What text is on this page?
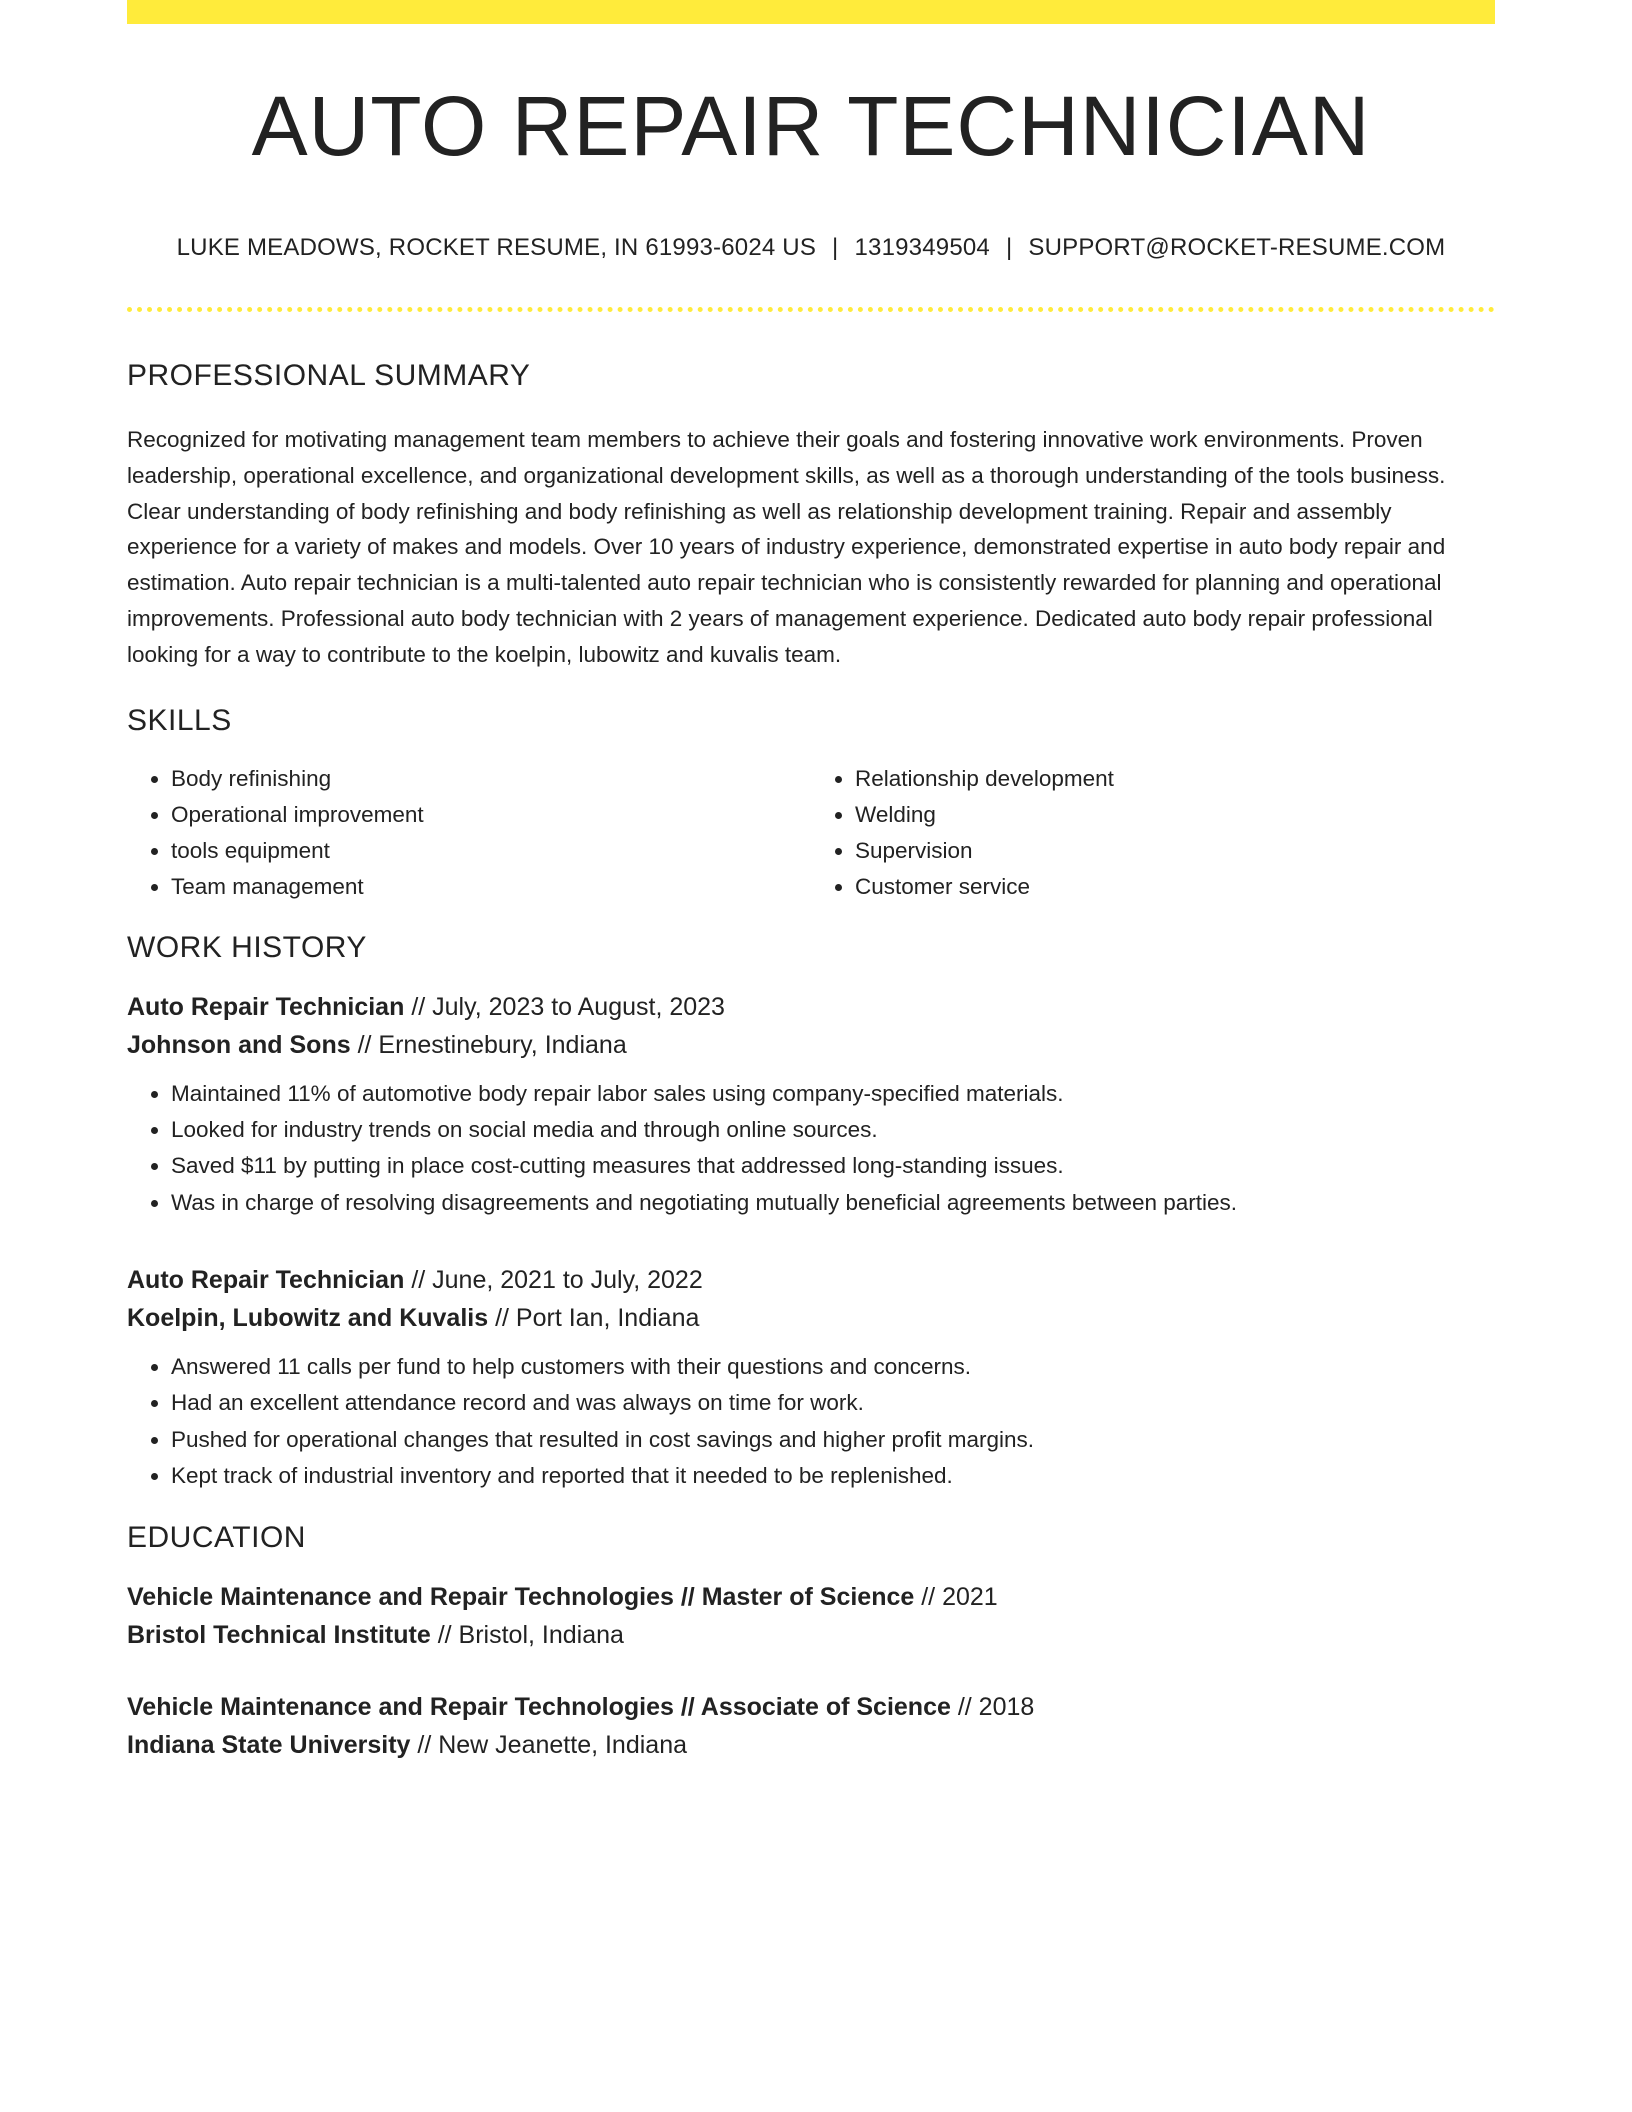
AUTO REPAIR TECHNICIAN
LUKE MEADOWS, ROCKET RESUME, IN 61993-6024 US | 1319349504 | SUPPORT@ROCKET-RESUME.COM
PROFESSIONAL SUMMARY

Recognized for motivating management team members to achieve their goals and fostering innovative work environments. Proven leadership, operational excellence, and organizational development skills, as well as a thorough understanding of the tools business. Clear understanding of body refinishing and body refinishing as well as relationship development training. Repair and assembly experience for a variety of makes and models. Over 10 years of industry experience, demonstrated expertise in auto body repair and estimation. Auto repair technician is a multi-talented auto repair technician who is consistently rewarded for planning and operational improvements. Professional auto body technician with 2 years of management experience. Dedicated auto body repair professional looking for a way to contribute to the koelpin, lubowitz and kuvalis team.

SKILLS
• Body refinishing
• Operational improvement
• tools equipment
• Team management
• Relationship development
• Welding
• Supervision
• Customer service
WORK HISTORY
Auto Repair Technician // July, 2023 to August, 2023
Johnson and Sons // Ernestinebury, Indiana
• Maintained 11% of automotive body repair labor sales using company-specified materials.
• Looked for industry trends on social media and through online sources.
• Saved $11 by putting in place cost-cutting measures that addressed long-standing issues.
• Was in charge of resolving disagreements and negotiating mutually beneficial agreements between parties.
Auto Repair Technician // June, 2021 to July, 2022
Koelpin, Lubowitz and Kuvalis // Port Ian, Indiana
• Answered 11 calls per fund to help customers with their questions and concerns.
• Had an excellent attendance record and was always on time for work.
• Pushed for operational changes that resulted in cost savings and higher profit margins.
• Kept track of industrial inventory and reported that it needed to be replenished.
EDUCATION
Vehicle Maintenance and Repair Technologies // Master of Science // 2021
Bristol Technical Institute // Bristol, Indiana
Vehicle Maintenance and Repair Technologies // Associate of Science // 2018
Indiana State University // New Jeanette, Indiana
